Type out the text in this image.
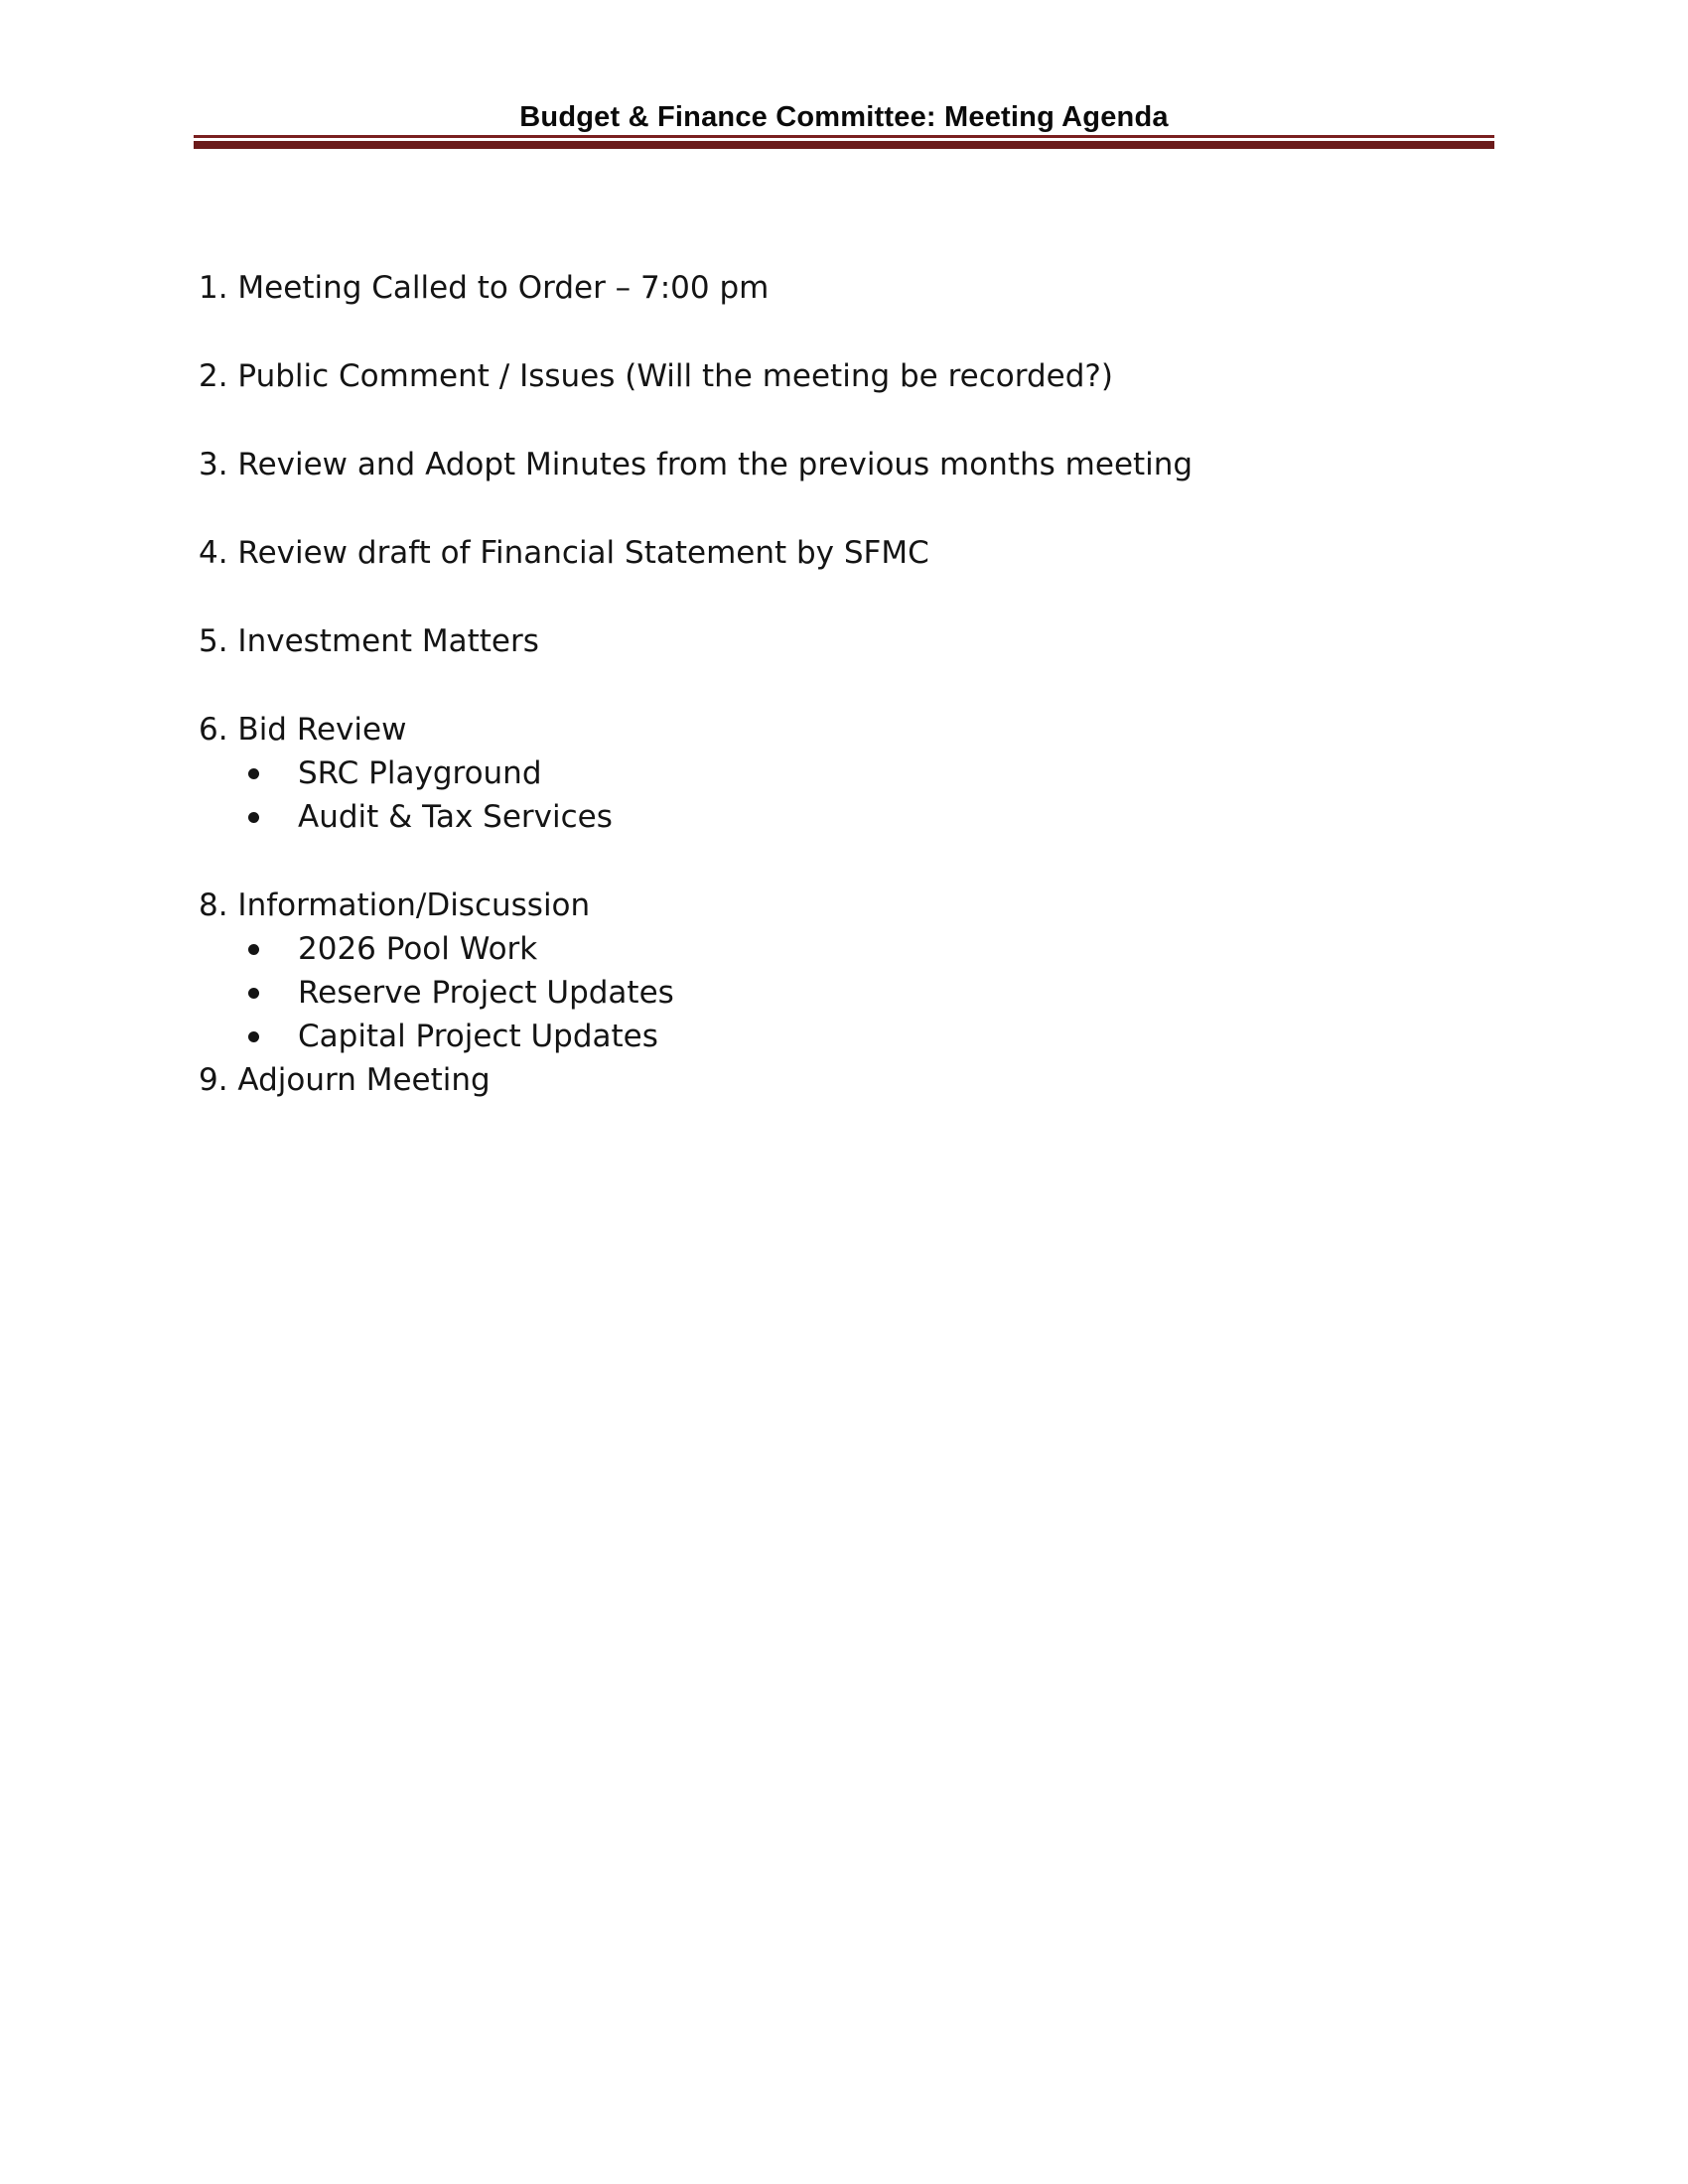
Budget & Finance Committee: Meeting Agenda
1. Meeting Called to Order – 7:00 pm
2. Public Comment / Issues (Will the meeting be recorded?)
3. Review and Adopt Minutes from the previous months meeting
4. Review draft of Financial Statement by SFMC
5. Investment Matters
6. Bid Review
SRC Playground
Audit & Tax Services
8. Information/Discussion
2026 Pool Work
Reserve Project Updates
Capital Project Updates
9. Adjourn Meeting
